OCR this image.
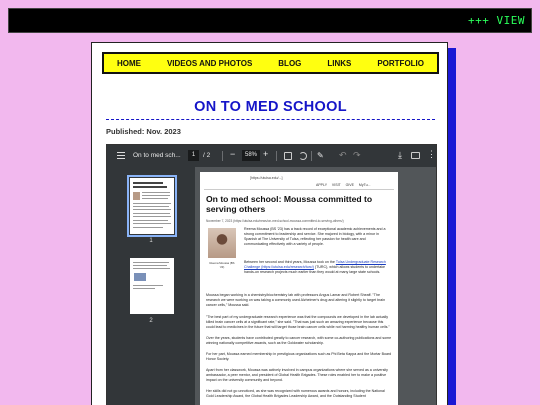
+++ VIEW
HOME	VIDEOS AND PHOTOS	BLOG	LINKS	PORTFOLIO
ON TO MED SCHOOL
Published: Nov. 2023
On to med sch...	1	/ 2 −	58% +	✎ ↶ ↷	⤓	⋮
1
2
[https://utulsa.edu/...]
APPLY VISIT GIVE MyTu...
On to med school: Moussa committed to serving others
November 7, 2023 (https://utulsa.edu/news/on-med-school-moussa-committed-to-serving-others/)
Reema Moussa (BS '23)

Reema Moussa (BS '23) has a track record of exceptional academic achievements and a strong commitment to leadership and service. She majored in biology, with a minor in Spanish at The University of Tulsa, reflecting her passion for health care and communicating effectively with a variety of people.

Between her second and third years, Moussa took on the Tulsa Undergraduate Research Challenge (https://utulsa.edu/research/turc/) (TURC), which allows students to undertake hands-on research projects much earlier than they would at many large state schools.

Moussa began working in a chemistry/biochemistry lab with professors Angus Lamar and Robert Sheaff. "The research we were working on was taking a commonly used Alzheimer's drug and altering it slightly to target brain cancer cells," Moussa said.

"The best part of my undergraduate research experience was that the compounds we developed in the lab actually killed brain cancer cells at a significant rate," she said. "That was just such an amazing experience because this could lead to medicines in the future that will target those brain cancer cells while not harming healthy human cells."

Over the years, students have contributed greatly to cancer research, with some co-authoring publications and some winning nationally competitive awards, such as the Goldwater scholarship.

For her part, Moussa earned membership in prestigious organizations such as Phi Beta Kappa and the Mortar Board Honor Society.

Apart from her classwork, Moussa was actively involved in campus organizations where she served as a university ambassador, a peer mentor, and president of Global Health Brigades. These roles enabled her to make a positive impact on the university community and beyond.

Her skills did not go unnoticed, as she was recognized with numerous awards and honors, including the National Gold Leadership Award, the Global Health Brigades Leadership Award, and the Outstanding Student
